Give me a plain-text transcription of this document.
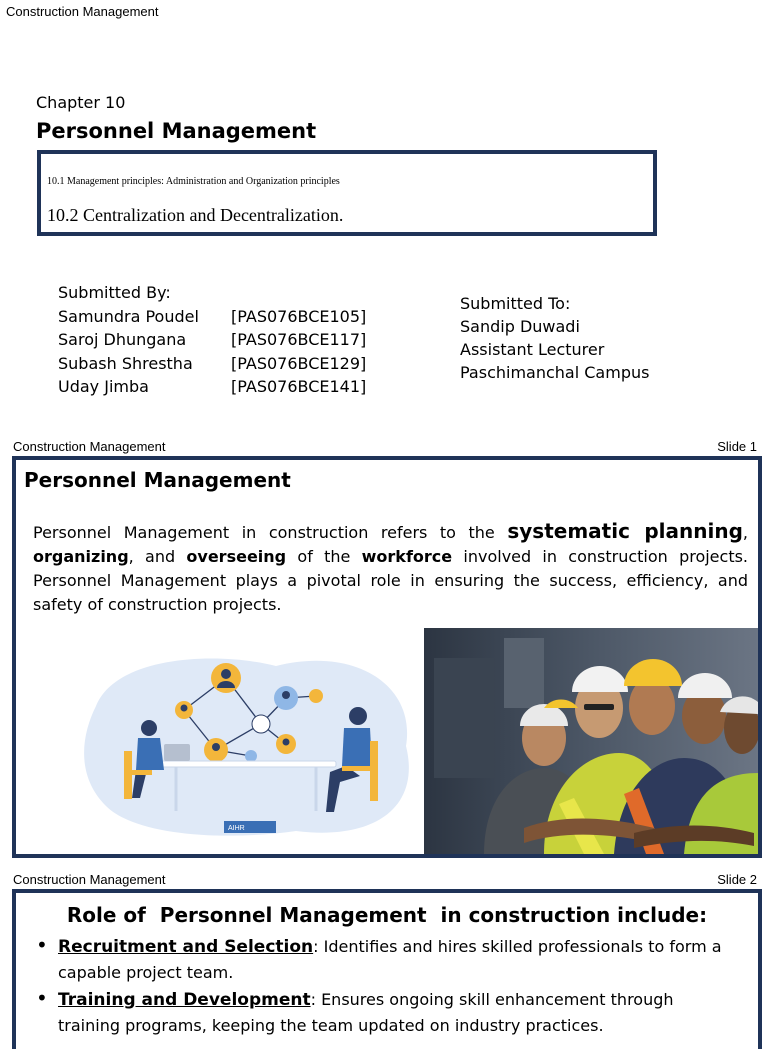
Construction Management
Chapter 10
Personnel Management
10.1 Management principles: Administration and Organization principles
10.2 Centralization and Decentralization.
Submitted By:
Samundra Poudel	[PAS076BCE105]
Saroj Dhungana	[PAS076BCE117]
Subash Shrestha	[PAS076BCE129]
Uday Jimba	[PAS076BCE141]
Submitted To:
Sandip Duwadi
Assistant Lecturer
Paschimanchal Campus
Construction Management	Slide 1
Personnel Management
Personnel Management in construction refers to the systematic planning, organizing, and overseeing of the workforce involved in construction projects. Personnel Management plays a pivotal role in ensuring the success, efficiency, and safety of construction projects.
AIHR
Construction Management	Slide 2
Role of  Personnel Management  in construction include:
• Recruitment and Selection: Identifies and hires skilled professionals to form a capable project team.
• Training and Development: Ensures ongoing skill enhancement through training programs, keeping the team updated on industry practices.
